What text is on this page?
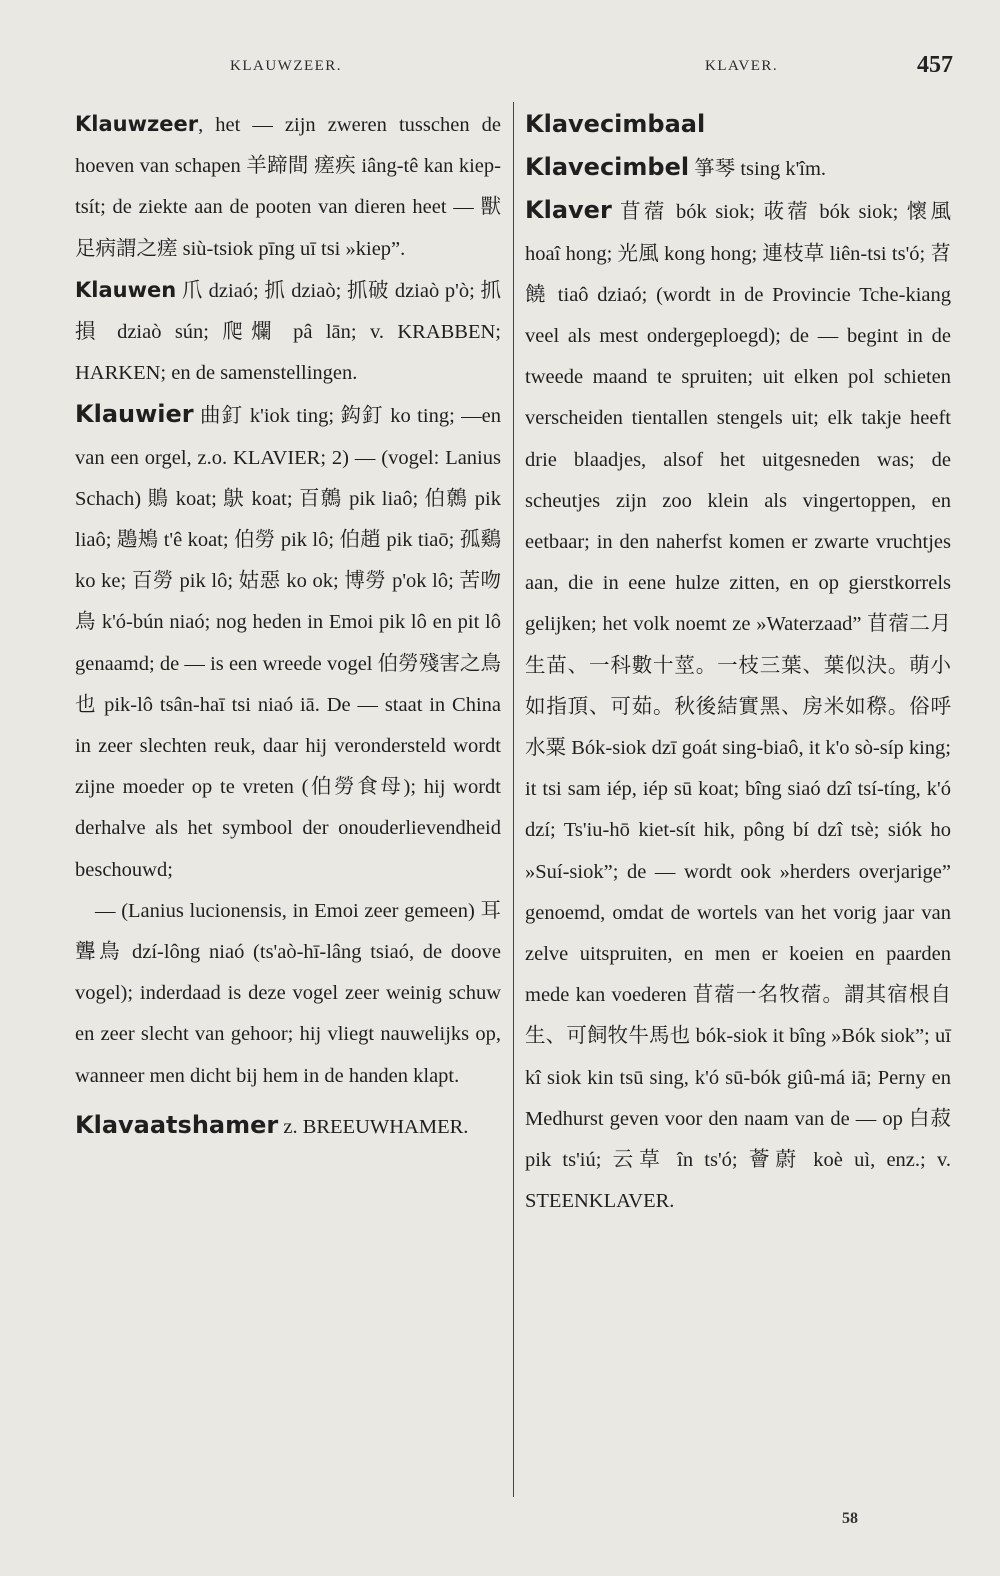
KLAUWZEER.	KLAVER.	457

Klauwzeer, het — zijn zweren tusschen de hoeven van schapen 羊蹄間 瘥疾 iâng-tê kan kiep-tsít; de ziekte aan de pooten van dieren heet — 獸足病謂之瘥 siù-tsiok pīng uī tsi »kiep”.

Klauwen 爪 dziaó; 抓 dziaò; 抓破 dziaò p'ò; 抓損 dziaò sún; 爬爛 pâ lān; v. KRABBEN; HARKEN; en de samenstellingen.

Klauwier 曲釘 k'iok ting; 鈎釘 ko ting; —en van een orgel, z.o. KLAVIER; 2) — (vogel: Lanius Schach) 鵙 koat; 鴃 koat; 百鷯 pik liaô; 伯鷯 pik liaô; 鶗鴂 t'ê koat; 伯勞 pik lô; 伯趙 pik tiaō; 孤鷄 ko ke; 百勞 pik lô; 姑惡 ko ok; 博勞 p'ok lô; 苦吻鳥 k'ó-bún niaó; nog heden in Emoi pik lô en pit lô genaamd; de — is een wreede vogel 伯勞殘害之鳥也 pik-lô tsân-haī tsi niaó iā. De — staat in China in zeer slechten reuk, daar hij verondersteld wordt zijne moeder op te vreten (伯勞食母); hij wordt derhalve als het symbool der onouderlievendheid beschouwd;

— (Lanius lucionensis, in Emoi zeer gemeen) 耳聾鳥 dzí-lông niaó (ts'aò-hī-lâng tsiaó, de doove vogel); inderdaad is deze vogel zeer weinig schuw en zeer slecht van gehoor; hij vliegt nauwelijks op, wanneer men dicht bij hem in de handen klapt.

Klavaatshamer z. BREEUWHAMER.

Klavecimbaal

Klavecimbel 箏琴 tsing k'îm.

Klaver 苜蓿 bók siok; 荍蓿 bók siok; 懷風 hoaî hong; 光風 kong hong; 連枝草 liên-tsi ts'ó; 苕饒 tiaô dziaó; (wordt in de Provincie Tche-kiang veel als mest ondergeploegd); de — begint in de tweede maand te spruiten; uit elken pol schieten verscheiden tientallen stengels uit; elk takje heeft drie blaadjes, alsof het uitgesneden was; de scheutjes zijn zoo klein als vingertoppen, en eetbaar; in den naherfst komen er zwarte vruchtjes aan, die in eene hulze zitten, en op gierstkorrels gelijken; het volk noemt ze »Waterzaad” 苜蓿二月生苗、一科數十莖。一枝三葉、葉似決。萌小如指頂、可茹。秋後結實黑、房米如穄。俗呼水粟 Bók-siok dzī goát sing-biaô, it k'o sò-síp king; it tsi sam iép, iép sū koat; bîng siaó dzî tsí-tíng, k'ó dzí; Ts'iu-hō kiet-sít hik, pông bí dzî tsè; siók ho »Suí-siok”; de — wordt ook »herders overjarige” genoemd, omdat de wortels van het vorig jaar van zelve uitspruiten, en men er koeien en paarden mede kan voederen 苜蓿一名牧蓿。謂其宿根自生、可飼牧牛馬也 bók-siok it bîng »Bók siok”; uī kî siok kin tsū sing, k'ó sū-bók giû-má iā; Perny en Medhurst geven voor den naam van de — op 白菽 pik ts'iú; 云草 în ts'ó; 薈蔚 koè uì, enz.; v. STEENKLAVER.

58
